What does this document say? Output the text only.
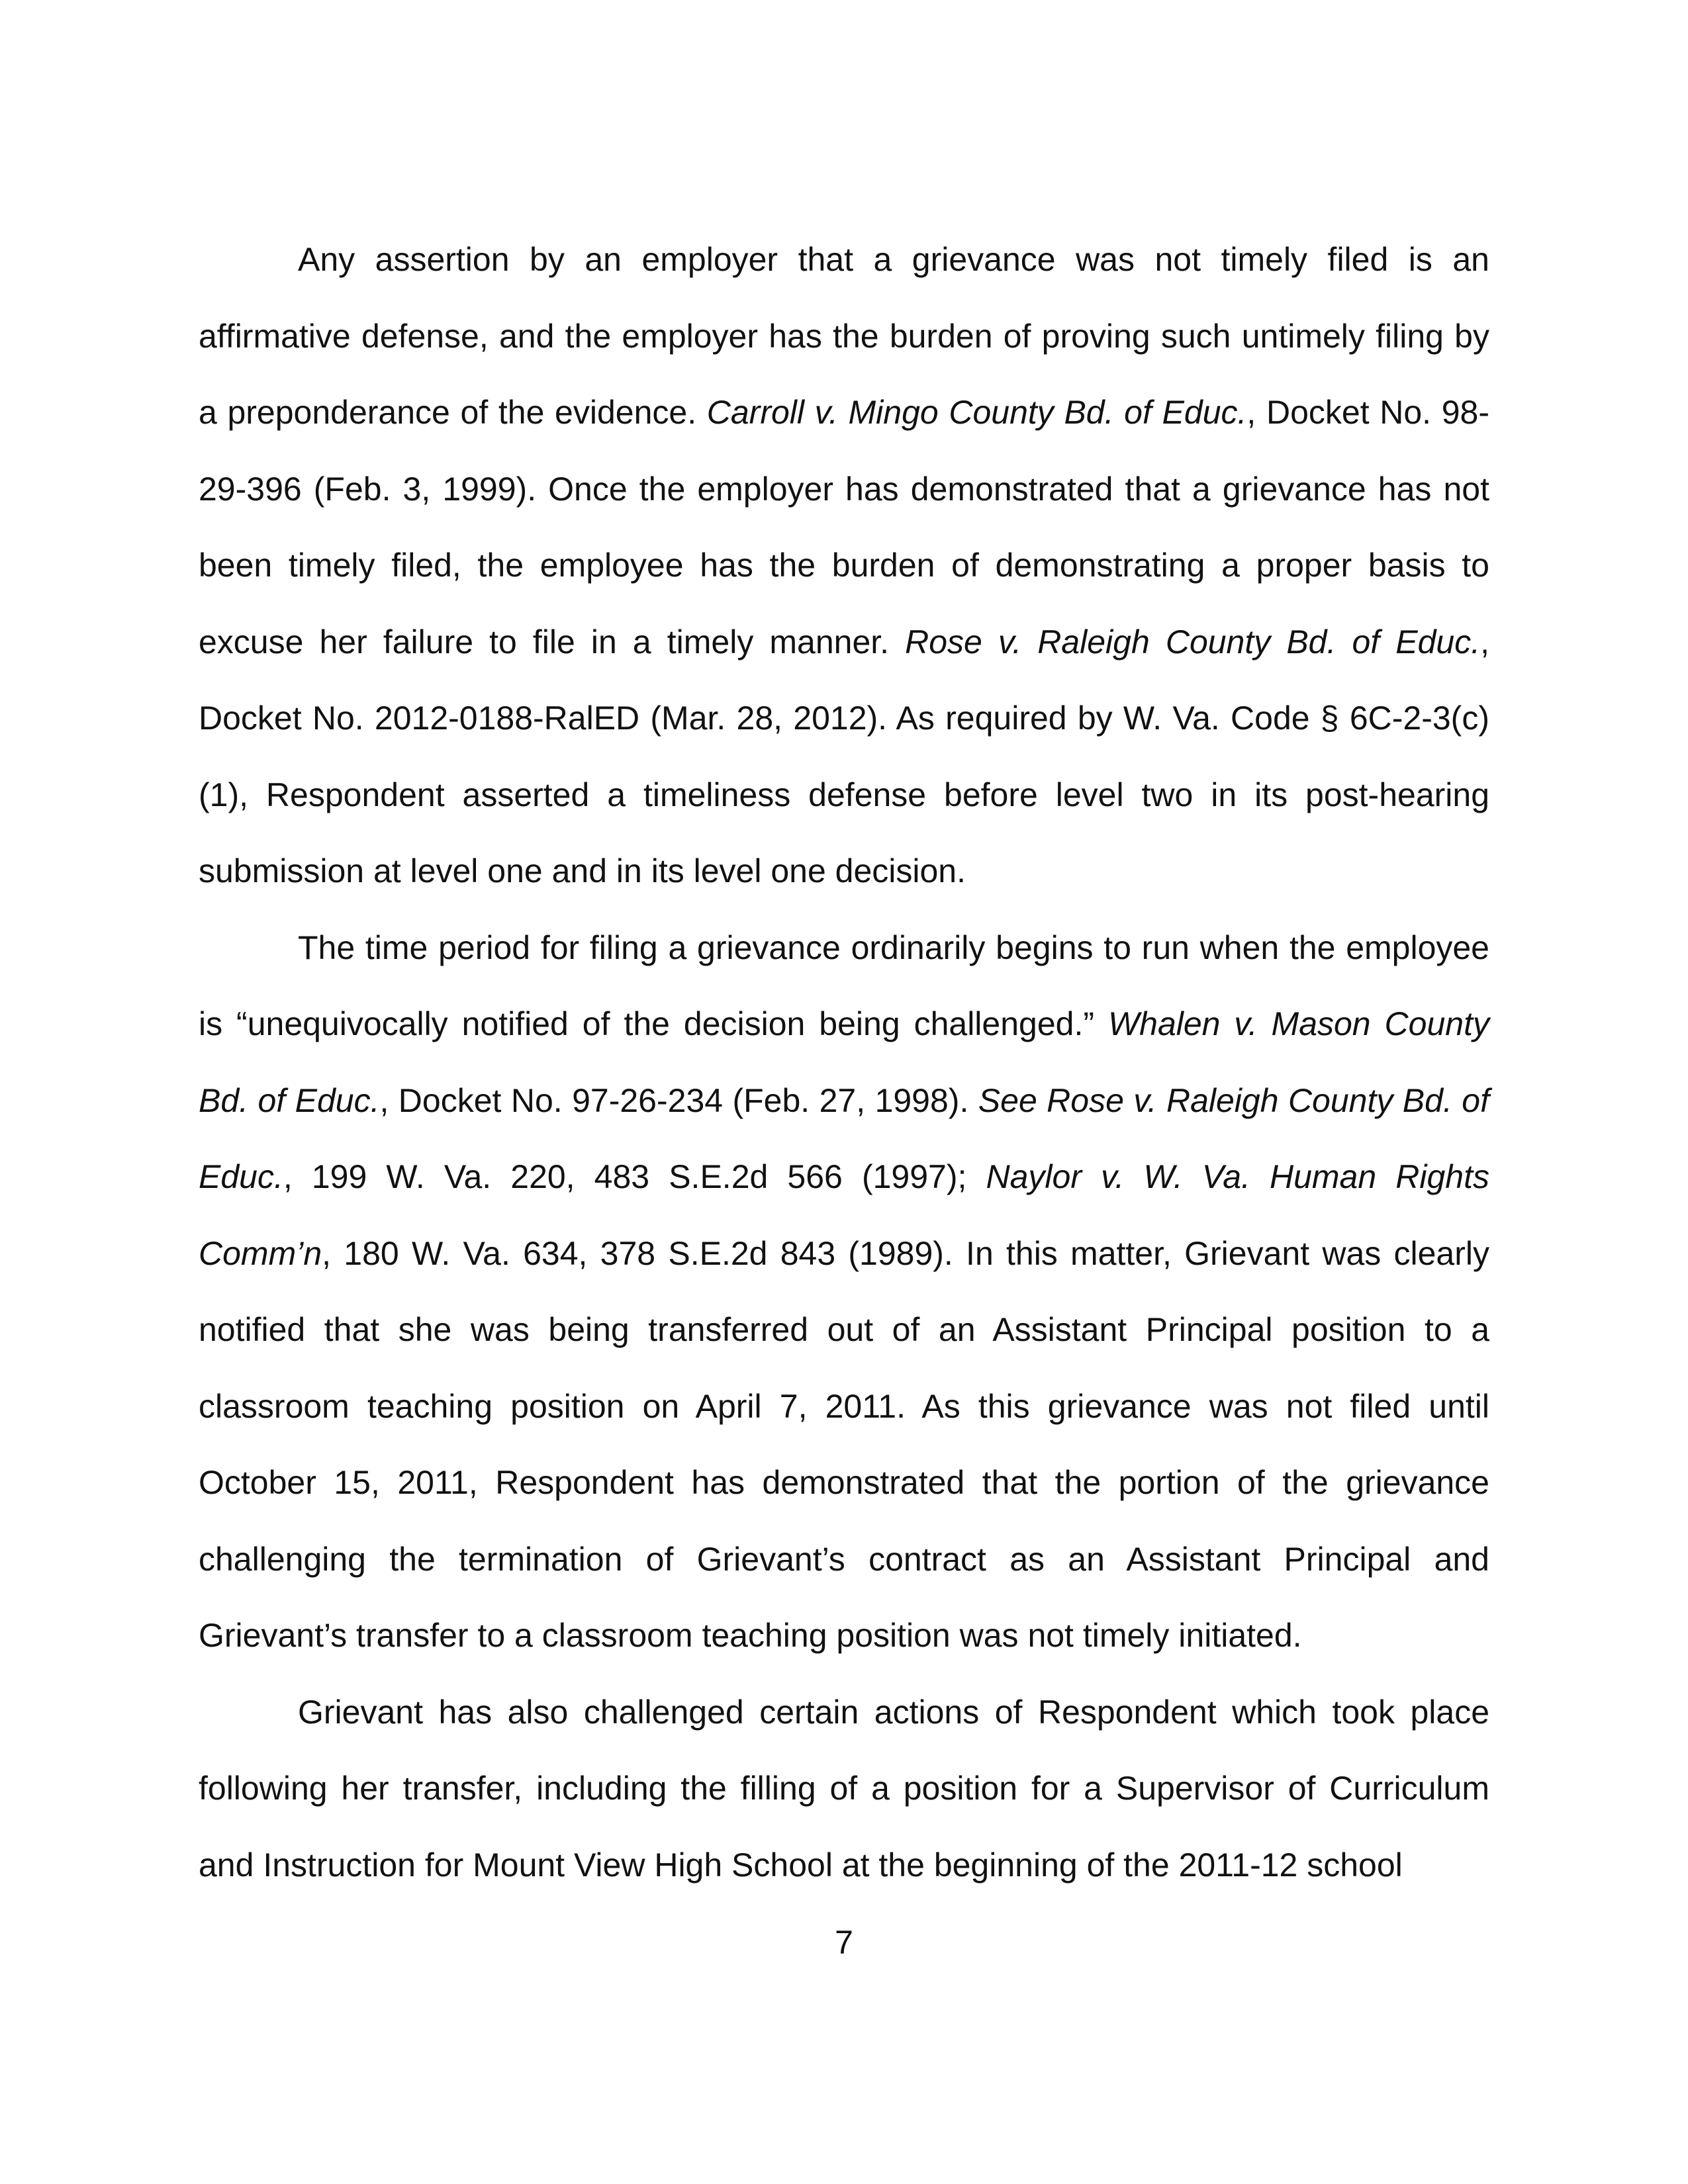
Any assertion by an employer that a grievance was not timely filed is an affirmative defense, and the employer has the burden of proving such untimely filing by a preponderance of the evidence. Carroll v. Mingo County Bd. of Educ., Docket No. 98-29-396 (Feb. 3, 1999). Once the employer has demonstrated that a grievance has not been timely filed, the employee has the burden of demonstrating a proper basis to excuse her failure to file in a timely manner. Rose v. Raleigh County Bd. of Educ., Docket No. 2012-0188-RalED (Mar. 28, 2012). As required by W. Va. Code § 6C-2-3(c)(1), Respondent asserted a timeliness defense before level two in its post-hearing submission at level one and in its level one decision.

The time period for filing a grievance ordinarily begins to run when the employee is “unequivocally notified of the decision being challenged.” Whalen v. Mason County Bd. of Educ., Docket No. 97-26-234 (Feb. 27, 1998). See Rose v. Raleigh County Bd. of Educ., 199 W. Va. 220, 483 S.E.2d 566 (1997); Naylor v. W. Va. Human Rights Comm’n, 180 W. Va. 634, 378 S.E.2d 843 (1989). In this matter, Grievant was clearly notified that she was being transferred out of an Assistant Principal position to a classroom teaching position on April 7, 2011. As this grievance was not filed until October 15, 2011, Respondent has demonstrated that the portion of the grievance challenging the termination of Grievant’s contract as an Assistant Principal and Grievant’s transfer to a classroom teaching position was not timely initiated.

Grievant has also challenged certain actions of Respondent which took place following her transfer, including the filling of a position for a Supervisor of Curriculum and Instruction for Mount View High School at the beginning of the 2011-12 school

7
